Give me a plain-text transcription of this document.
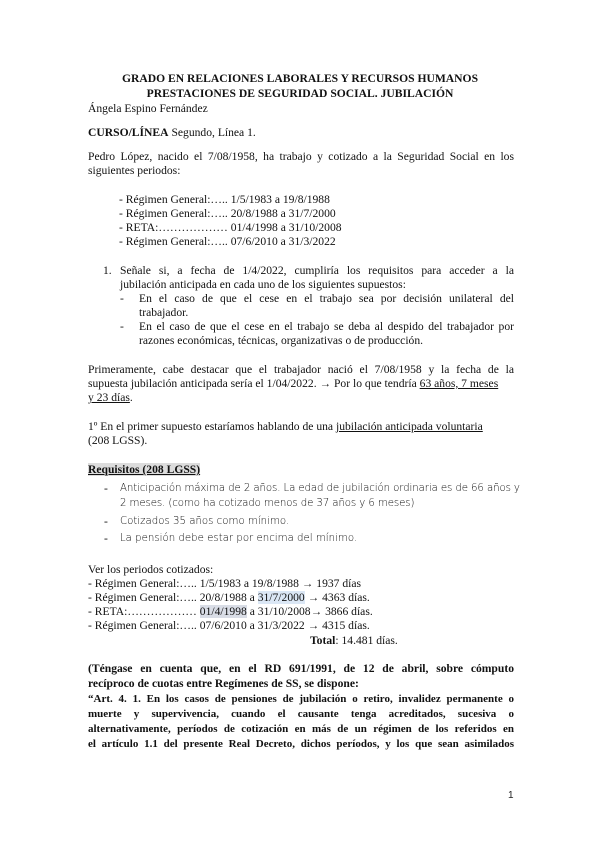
GRADO EN RELACIONES LABORALES Y RECURSOS HUMANOS
PRESTACIONES DE SEGURIDAD SOCIAL. JUBILACIÓN
Ángela Espino Fernández
CURSO/LÍNEA Segundo, Línea 1.
Pedro López, nacido el 7/08/1958, ha trabajo y cotizado a la Seguridad Social en los
siguientes periodos:
- Régimen General:….. 1/5/1983 a 19/8/1988
- Régimen General:….. 20/8/1988 a 31/7/2000
- RETA:……………… 01/4/1998 a 31/10/2008
- Régimen General:….. 07/6/2010 a 31/3/2022
1. Señale si, a fecha de 1/4/2022, cumpliría los requisitos para acceder a la
jubilación anticipada en cada uno de los siguientes supuestos:
- En el caso de que el cese en el trabajo sea por decisión unilateral del
trabajador.
- En el caso de que el cese en el trabajo se deba al despido del trabajador por
razones económicas, técnicas, organizativas o de producción.
Primeramente, cabe destacar que el trabajador nació el 7/08/1958 y la fecha de la
supuesta jubilación anticipada sería el 1/04/2022. → Por lo que tendría 63 años, 7 meses
y 23 días.
1º En el primer supuesto estaríamos hablando de una jubilación anticipada voluntaria
(208 LGSS).
Requisitos (208 LGSS)
- Anticipación máxima de 2 años. La edad de jubilación ordinaria es de 66 años y
2 meses. (como ha cotizado menos de 37 años y 6 meses)
- Cotizados 35 años como mínimo.
- La pensión debe estar por encima del mínimo.
Ver los periodos cotizados:
- Régimen General:….. 1/5/1983 a 19/8/1988 → 1937 días
- Régimen General:….. 20/8/1988 a 31/7/2000 → 4363 días.
- RETA:……………… 01/4/1998 a 31/10/2008→ 3866 días.
- Régimen General:….. 07/6/2010 a 31/3/2022 → 4315 días.
Total: 14.481 días.
(Téngase en cuenta que, en el RD 691/1991, de 12 de abril, sobre cómputo
recíproco de cuotas entre Regímenes de SS, se dispone:
“Art. 4. 1. En los casos de pensiones de jubilación o retiro, invalidez permanente o
muerte y supervivencia, cuando el causante tenga acreditados, sucesiva o
alternativamente, períodos de cotización en más de un régimen de los referidos en
el artículo 1.1 del presente Real Decreto, dichos períodos, y los que sean asimilados
1
